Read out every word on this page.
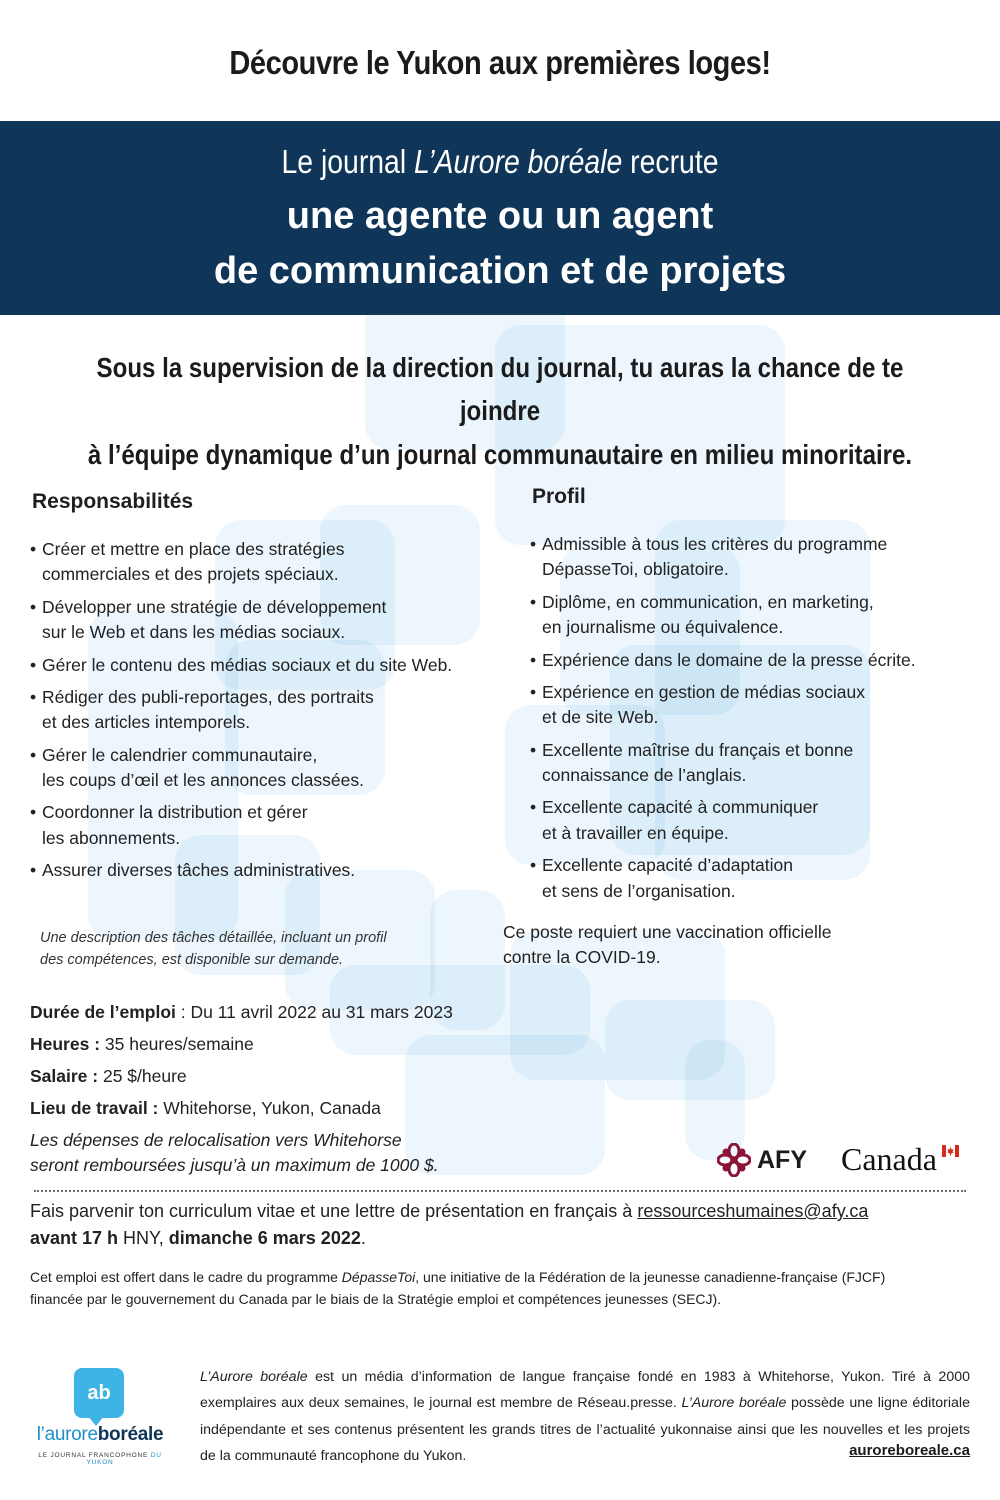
Découvre le Yukon aux premières loges!
Le journal L’Aurore boréale recrute
une agente ou un agent
de communication et de projets
Sous la supervision de la direction du journal, tu auras la chance de te joindre
à l’équipe dynamique d’un journal communautaire en milieu minoritaire.
Responsabilités
• Créer et mettre en place des stratégies
commerciales et des projets spéciaux.
• Développer une stratégie de développement
sur le Web et dans les médias sociaux.
• Gérer le contenu des médias sociaux et du site Web.
• Rédiger des publi-reportages, des portraits
et des articles intemporels.
• Gérer le calendrier communautaire,
les coups d’œil et les annonces classées.
• Coordonner la distribution et gérer
les abonnements.
• Assurer diverses tâches administratives.
Une description des tâches détaillée, incluant un profil
des compétences, est disponible sur demande.
Profil
• Admissible à tous les critères du programme
DépasseToi, obligatoire.
• Diplôme, en communication, en marketing,
en journalisme ou équivalence.
• Expérience dans le domaine de la presse écrite.
• Expérience en gestion de médias sociaux
et de site Web.
• Excellente maîtrise du français et bonne
connaissance de l’anglais.
• Excellente capacité à communiquer
et à travailler en équipe.
• Excellente capacité d’adaptation
et sens de l’organisation.
Ce poste requiert une vaccination officielle
contre la COVID-19.
Durée de l’emploi : Du 11 avril 2022 au 31 mars 2023
Heures : 35 heures/semaine
Salaire : 25 $/heure
Lieu de travail : Whitehorse, Yukon, Canada
Les dépenses de relocalisation vers Whitehorse
seront remboursées jusqu’à un maximum de 1000 $.	AFY Canada
Fais parvenir ton curriculum vitae et une lettre de présentation en français à ressourceshumaines@afy.ca
avant 17 h HNY, dimanche 6 mars 2022.
Cet emploi est offert dans le cadre du programme DépasseToi, une initiative de la Fédération de la jeunesse canadienne-française (FJCF)
financée par le gouvernement du Canada par le biais de la Stratégie emploi et compétences jeunesses (SECJ).
ab
l’auroreboréale
LE JOURNAL FRANCOPHONE DU YUKON
L’Aurore boréale est un média d’information de langue française fondé en 1983 à Whitehorse, Yukon. Tiré à 2000 exemplaires aux deux semaines, le journal est membre de Réseau.presse. L’Aurore boréale possède une ligne éditoriale indépendante et ses contenus présentent les grands titres de l’actualité yukonnaise ainsi que les nouvelles et les projets de la communauté francophone du Yukon.	auroreboreale.ca
